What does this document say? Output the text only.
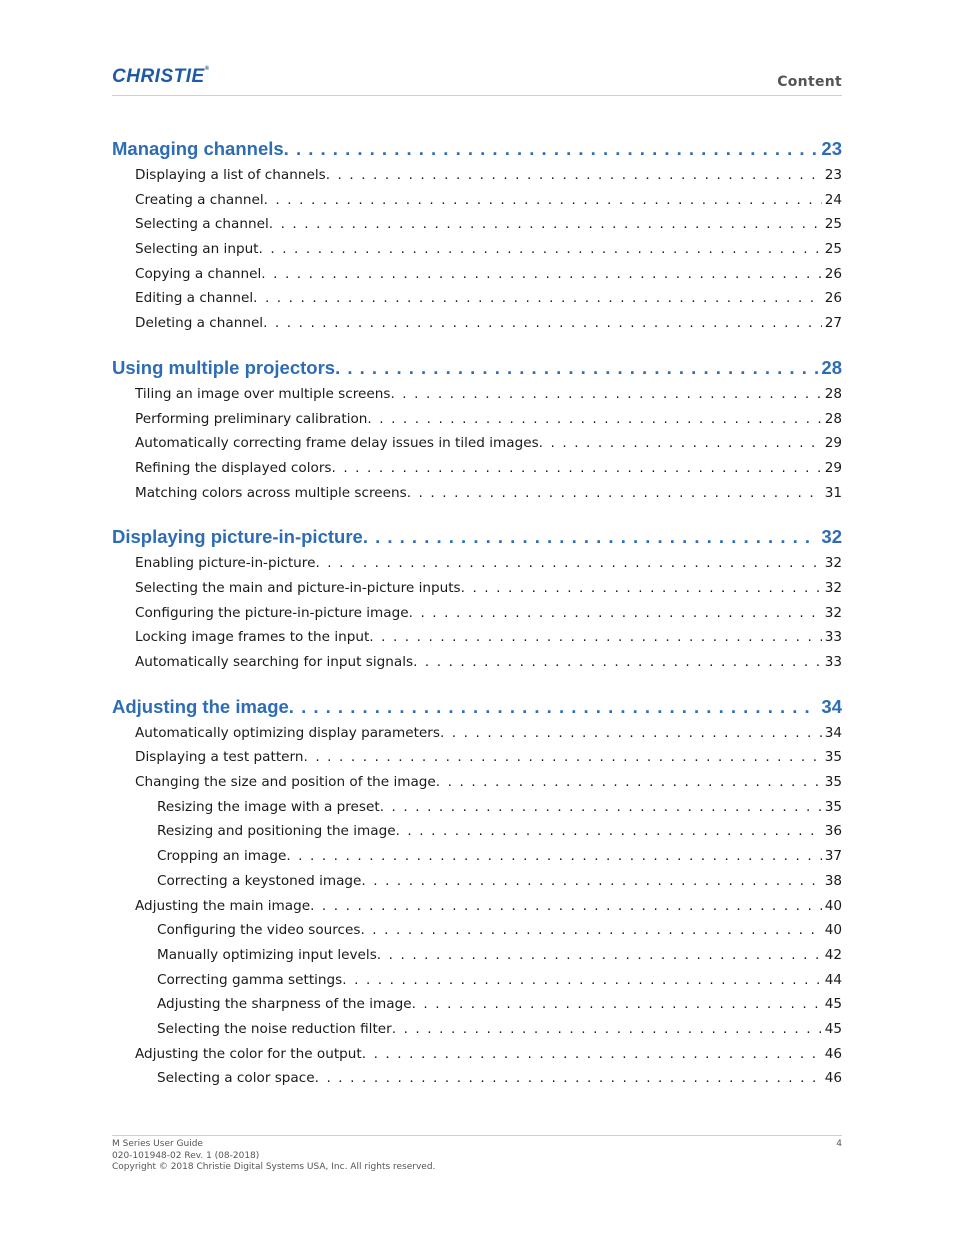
CHRISTIE®
Content
Managing channels . . .	23
Displaying a list of channels . . .	23
Creating a channel . . .	24
Selecting a channel . . .	25
Selecting an input . . .	25
Copying a channel . . .	26
Editing a channel . . .	26
Deleting a channel . . .	27
Using multiple projectors . . .	28
Tiling an image over multiple screens . . .	28
Performing preliminary calibration . . .	28
Automatically correcting frame delay issues in tiled images . . .	29
Refining the displayed colors . . .	29
Matching colors across multiple screens . . .	31
Displaying picture-in-picture . . .	32
Enabling picture-in-picture . . .	32
Selecting the main and picture-in-picture inputs . . .	32
Configuring the picture-in-picture image . . .	32
Locking image frames to the input . . .	33
Automatically searching for input signals . . .	33
Adjusting the image . . .	34
Automatically optimizing display parameters . . .	34
Displaying a test pattern . . .	35
Changing the size and position of the image . . .	35
Resizing the image with a preset . . .	35
Resizing and positioning the image . . .	36
Cropping an image . . .	37
Correcting a keystoned image . . .	38
Adjusting the main image . . .	40
Configuring the video sources . . .	40
Manually optimizing input levels . . .	42
Correcting gamma settings . . .	44
Adjusting the sharpness of the image . . .	45
Selecting the noise reduction filter . . .	45
Adjusting the color for the output . . .	46
Selecting a color space . . .	46
M Series User Guide
020-101948-02 Rev. 1 (08-2018)
Copyright © 2018 Christie Digital Systems USA, Inc. All rights reserved.
4
